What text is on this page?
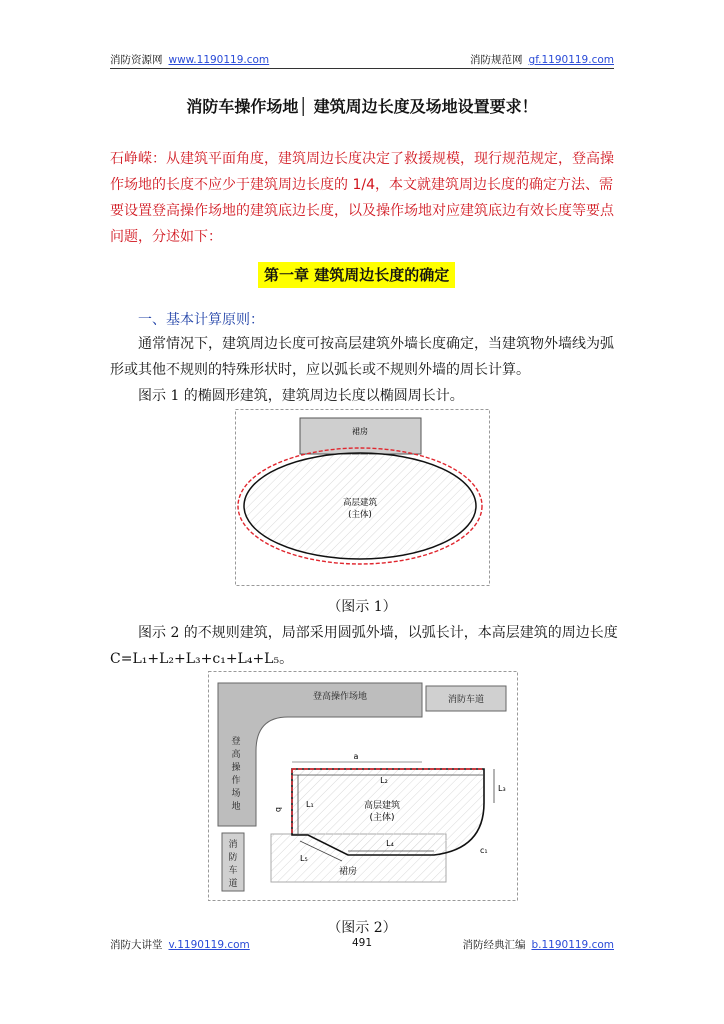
消防资源网 www.1190119.com	消防规范网 gf.1190119.com
消防车操作场地│ 建筑周边长度及场地设置要求！
石峥嵘：从建筑平面角度，建筑周边长度决定了救援规模，现行规范规定，登高操作场地的长度不应少于建筑周边长度的 1/4，本文就建筑周边长度的确定方法、需要设置登高操作场地的建筑底边长度，以及操作场地对应建筑底边有效长度等要点问题，分述如下：
第一章 建筑周边长度的确定
一、基本计算原则：
通常情况下，建筑周边长度可按高层建筑外墙长度确定，当建筑物外墙线为弧形或其他不规则的特殊形状时，应以弧长或不规则外墙的周长计算。
图示 1 的椭圆形建筑，建筑周边长度以椭圆周长计。
裙房
高层建筑
(主体)
（图示 1）
图示 2 的不规则建筑，局部采用圆弧外墙，以弧长计，本高层建筑的周边长度 C=L₁+L₂+L₃+c₁+L₄+L₅。
登高操作场地
登
高
操
作
场
地
消防车道
消
防
车
道
裙房
a
L₂
L₁
b
L₃
c₁
L₄
L₅
高层建筑
(主体)
（图示 2）
消防大讲堂 v.1190119.com	491	消防经典汇编 b.1190119.com
